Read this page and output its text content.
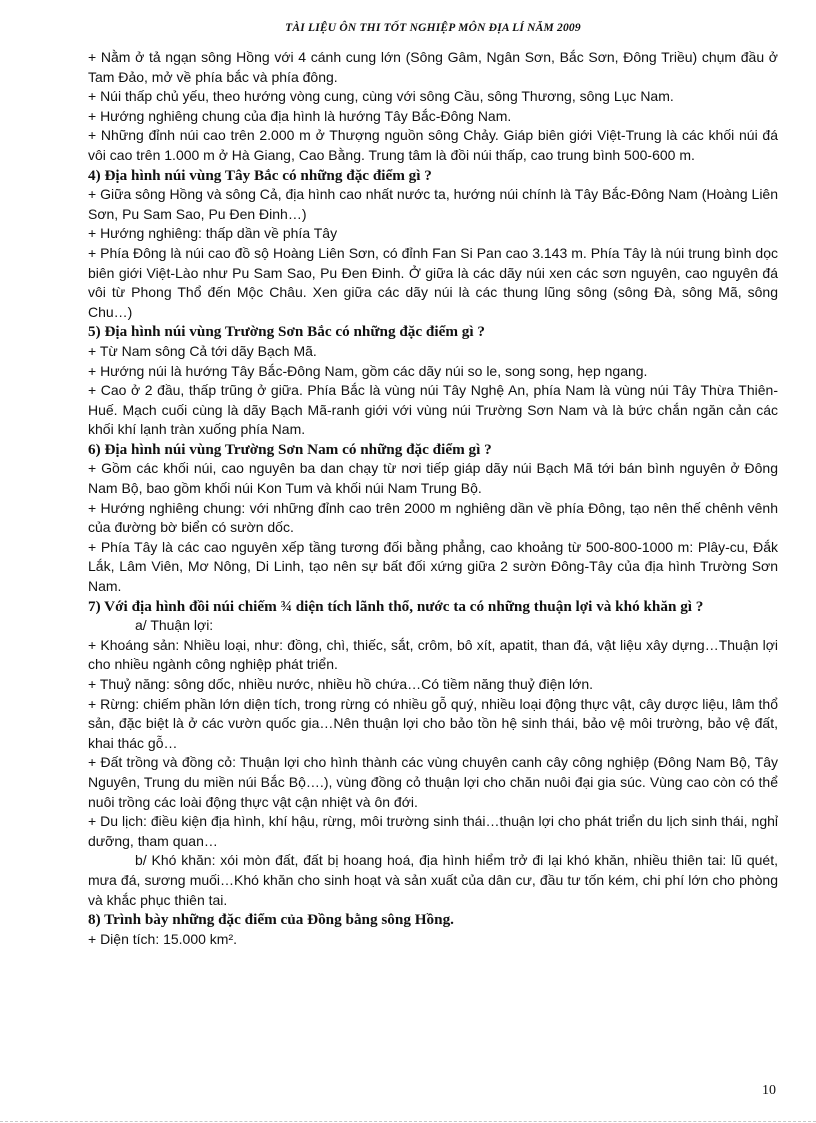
TÀI LIỆU ÔN THI TỐT NGHIỆP MÔN ĐỊA LÍ NĂM 2009

+ Nằm ở tả ngạn sông Hồng với 4 cánh cung lớn (Sông Gâm, Ngân Sơn, Bắc Sơn, Đông Triều) chụm đầu ở Tam Đảo, mở về phía bắc và phía đông.

+ Núi thấp chủ yếu, theo hướng vòng cung, cùng với sông Cầu, sông Thương, sông Lục Nam.

+ Hướng nghiêng chung của địa hình là hướng Tây Bắc-Đông Nam.

+ Những đỉnh núi cao trên 2.000 m ở Thượng nguồn sông Chảy. Giáp biên giới Việt-Trung là các khối núi đá vôi cao trên 1.000 m ở Hà Giang, Cao Bằng. Trung tâm là đồi núi thấp, cao trung bình 500-600 m.

4) Địa hình núi vùng Tây Bắc có những đặc điểm gì ?

+ Giữa sông Hồng và sông Cả, địa hình cao nhất nước ta, hướng núi chính là Tây Bắc-Đông Nam (Hoàng Liên Sơn, Pu Sam Sao, Pu Đen Đinh…)

+ Hướng nghiêng: thấp dần về phía Tây

+ Phía Đông là núi cao đồ sộ Hoàng Liên Sơn, có đỉnh Fan Si Pan cao 3.143 m. Phía Tây là núi trung bình dọc biên giới Việt-Lào như Pu Sam Sao, Pu Đen Đinh. Ở giữa là các dãy núi xen các sơn nguyên, cao nguyên đá vôi từ Phong Thổ đến Mộc Châu. Xen giữa các dãy núi là các thung lũng sông (sông Đà, sông Mã, sông Chu…)

5) Địa hình núi vùng Trường Sơn Bắc có những đặc điểm gì ?

+ Từ Nam sông Cả tới dãy Bạch Mã.

+ Hướng núi là hướng Tây Bắc-Đông Nam, gồm các dãy núi so le, song song, hẹp ngang.

+ Cao ở 2 đầu, thấp trũng ở giữa. Phía Bắc là vùng núi Tây Nghệ An, phía Nam là vùng núi Tây Thừa Thiên-Huế. Mạch cuối cùng là dãy Bạch Mã-ranh giới với vùng núi Trường Sơn Nam và là bức chắn ngăn cản các khối khí lạnh tràn xuống phía Nam.

6) Địa hình núi vùng Trường Sơn Nam có những đặc điểm gì ?

+ Gồm các khối núi, cao nguyên ba dan chạy từ nơi tiếp giáp dãy núi Bạch Mã tới bán bình nguyên ở Đông Nam Bộ, bao gồm khối núi Kon Tum và khối núi Nam Trung Bộ.

+ Hướng nghiêng chung: với những đỉnh cao trên 2000 m nghiêng dần về phía Đông, tạo nên thế chênh vênh của đường bờ biển có sườn dốc.

+ Phía Tây là các cao nguyên xếp tầng tương đối bằng phẳng, cao khoảng từ 500-800-1000 m: Plây-cu, Đắk Lắk, Lâm Viên, Mơ Nông, Di Linh, tạo nên sự bất đối xứng giữa 2 sườn Đông-Tây của địa hình Trường Sơn Nam.

7) Với địa hình đồi núi chiếm ¾ diện tích lãnh thổ, nước ta có những thuận lợi và khó khăn gì ?

a/ Thuận lợi:

+ Khoáng sản: Nhiều loại, như: đồng, chì, thiếc, sắt, crôm, bô xít, apatit, than đá, vật liệu xây dựng…Thuận lợi cho nhiều ngành công nghiệp phát triển.

+ Thuỷ năng: sông dốc, nhiều nước, nhiều hồ chứa…Có tiềm năng thuỷ điện lớn.

+ Rừng: chiếm phần lớn diện tích, trong rừng có nhiều gỗ quý, nhiều loại động thực vật, cây dược liệu, lâm thổ sản, đặc biệt là ở các vườn quốc gia…Nên thuận lợi cho bảo tồn hệ sinh thái, bảo vệ môi trường, bảo vệ đất, khai thác gỗ…

+ Đất trồng và đồng cỏ: Thuận lợi cho hình thành các vùng chuyên canh cây công nghiệp (Đông Nam Bộ, Tây Nguyên, Trung du miền núi Bắc Bộ….), vùng đồng cỏ thuận lợi cho chăn nuôi đại gia súc. Vùng cao còn có thể nuôi trồng các loài động thực vật cận nhiệt và ôn đới.

+ Du lịch: điều kiện địa hình, khí hậu, rừng, môi trường sinh thái…thuận lợi cho phát triển du lịch sinh thái, nghỉ dưỡng, tham quan…

b/ Khó khăn: xói mòn đất, đất bị hoang hoá, địa hình hiểm trở đi lại khó khăn, nhiều thiên tai: lũ quét, mưa đá, sương muối…Khó khăn cho sinh hoạt và sản xuất của dân cư, đầu tư tốn kém, chi phí lớn cho phòng và khắc phục thiên tai.

8) Trình bày những đặc điểm của Đồng bằng sông Hồng.

+ Diện tích: 15.000 km².

10
